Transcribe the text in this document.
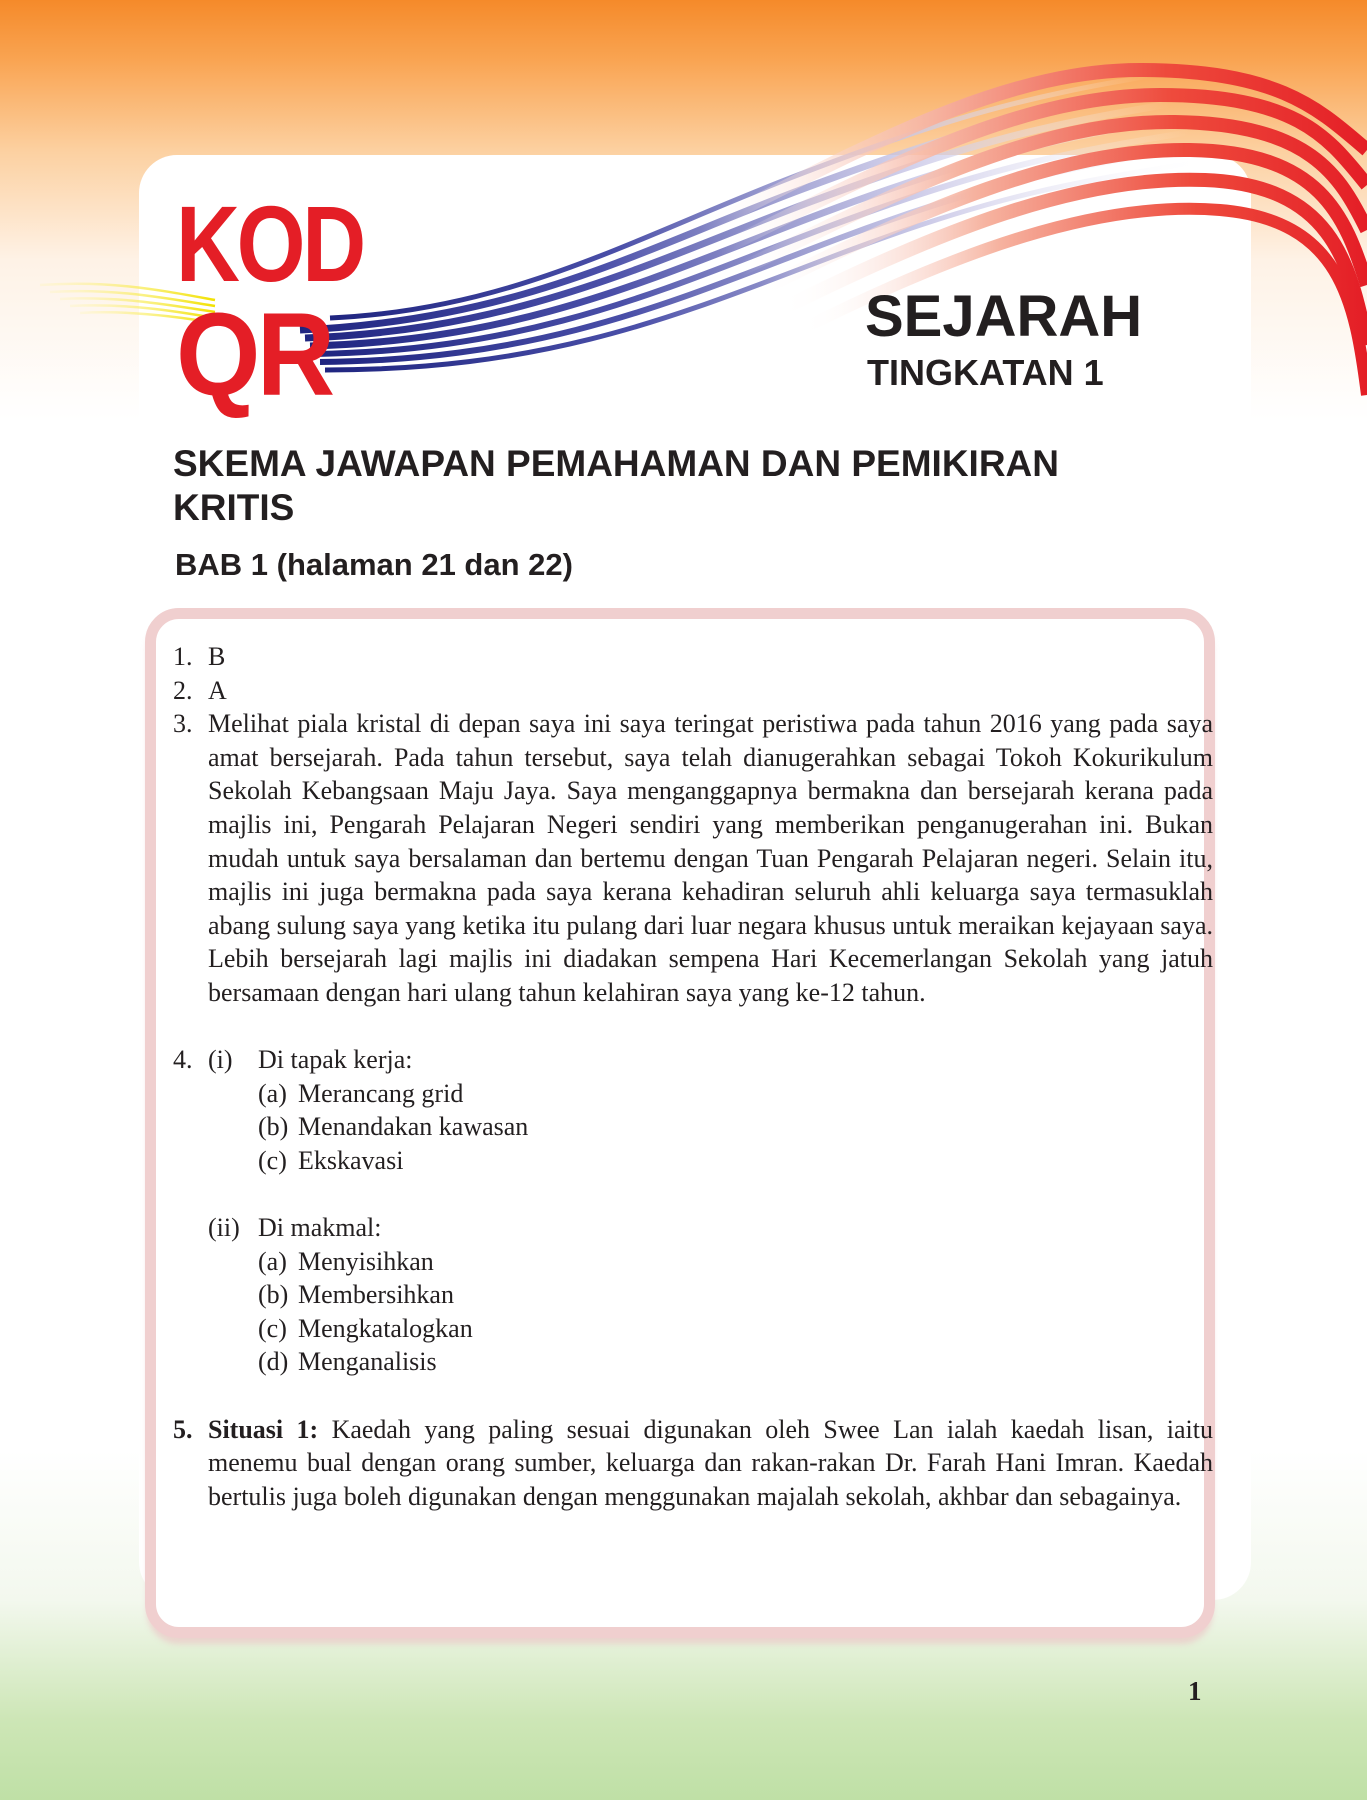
KOD
QR	SEJARAH
TINGKATAN 1
SKEMA JAWAPAN PEMAHAMAN DAN PEMIKIRAN KRITIS
BAB 1 (halaman 21 dan 22)
1. B
2. A
3. Melihat piala kristal di depan saya ini saya teringat peristiwa pada tahun 2016 yang pada saya amat bersejarah. Pada tahun tersebut, saya telah dianugerahkan sebagai Tokoh Kokurikulum Sekolah Kebangsaan Maju Jaya. Saya menganggapnya bermakna dan bersejarah kerana pada majlis ini, Pengarah Pelajaran Negeri sendiri yang memberikan penganugerahan ini. Bukan mudah untuk saya bersalaman dan bertemu dengan Tuan Pengarah Pelajaran negeri. Selain itu, majlis ini juga bermakna pada saya kerana kehadiran seluruh ahli keluarga saya termasuklah abang sulung saya yang ketika itu pulang dari luar negara khusus untuk meraikan kejayaan saya. Lebih bersejarah lagi majlis ini diadakan sempena Hari Kecemerlangan Sekolah yang jatuh bersamaan dengan hari ulang tahun kelahiran saya yang ke-12 tahun.
4. (i) Di tapak kerja:
(a) Merancang grid
(b) Menandakan kawasan
(c) Ekskavasi
(ii) Di makmal:
(a) Menyisihkan
(b) Membersihkan
(c) Mengkatalogkan
(d) Menganalisis
5. Situasi 1: Kaedah yang paling sesuai digunakan oleh Swee Lan ialah kaedah lisan, iaitu menemu bual dengan orang sumber, keluarga dan rakan-rakan Dr. Farah Hani Imran. Kaedah bertulis juga boleh digunakan dengan menggunakan majalah sekolah, akhbar dan sebagainya.
1
